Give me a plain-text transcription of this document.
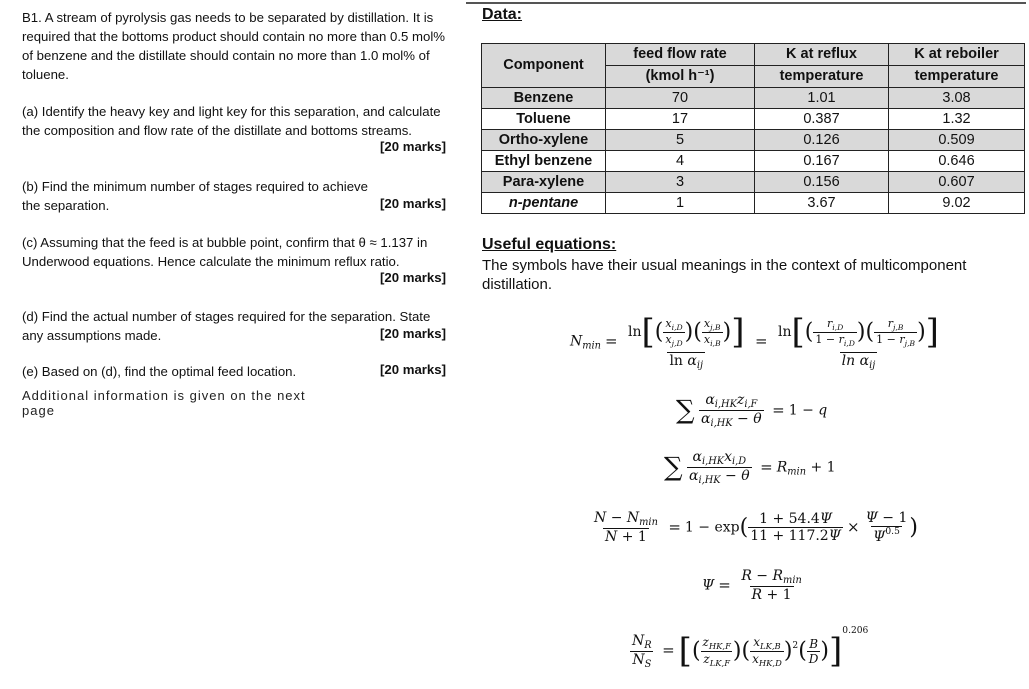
B1. A stream of pyrolysis gas needs to be separated by distillation. It is required that the bottoms product should contain no more than 0.5 mol% of benzene and the distillate should contain no more than 1.0 mol% of toluene.
(a) Identify the heavy key and light key for this separation, and calculate the composition and flow rate of the distillate and bottoms streams.
[20 marks]
(b) Find the minimum number of stages required to achieve the separation.	[20 marks]
(c) Assuming that the feed is at bubble point, confirm that θ ≈ 1.137 in Underwood equations. Hence calculate the minimum reflux ratio.
[20 marks]
(d) Find the actual number of stages required for the separation. State any assumptions made.	[20 marks]
(e) Based on (d), find the optimal feed location.	[20 marks]
Additional information is given on the next page
Data:
Component	feed flow rate	K at reflux	K at reboiler
	(kmol h⁻¹)	temperature	temperature
Benzene	70	1.01	3.08
Toluene	17	0.387	1.32
Ortho-xylene	5	0.126	0.509
Ethyl benzene	4	0.167	0.646
Para-xylene	3	0.156	0.607
n-pentane	1	3.67	9.02
Useful equations:
The symbols have their usual meanings in the context of multicomponent distillation.
$N_{min} = \frac{\ln[( \frac{x_{i,D}}{x_{j,D}} )( \frac{x_{j,B}}{x_{i,B}} )]}{\ln \alpha_{ij}} = \frac{\ln[( \frac{r_{i,D}}{1 - r_{i,D}} )( \frac{r_{j,B}}{1 - r_{j,B}} )]}{\ln \alpha_{ij}}$
∑ $\frac{\alpha_{i,HK}z_{i,F}}{\alpha_{i,HK} - \theta} = 1 - q$
∑ $\frac{\alpha_{i,HK}x_{i,D}}{\alpha_{i,HK} - \theta} = R_{min} + 1$
$\frac{N - N_{min}}{N + 1} = 1 - \exp( \frac{1 + 54.4\Psi}{11 + 117.2\Psi} \times \frac{\Psi - 1}{\Psi^{0.5}}$ )
$\Psi = \frac{R - R_{min}}{R + 1}$
$\frac{N_R}{N_S}$ = [( $\frac{z_{HK,F}}{z_{LK,F}}$ )( $\frac{x_{LK,B}}{x_{HK,D}} )^2( \frac{B}{D} )]^{0.206}$
